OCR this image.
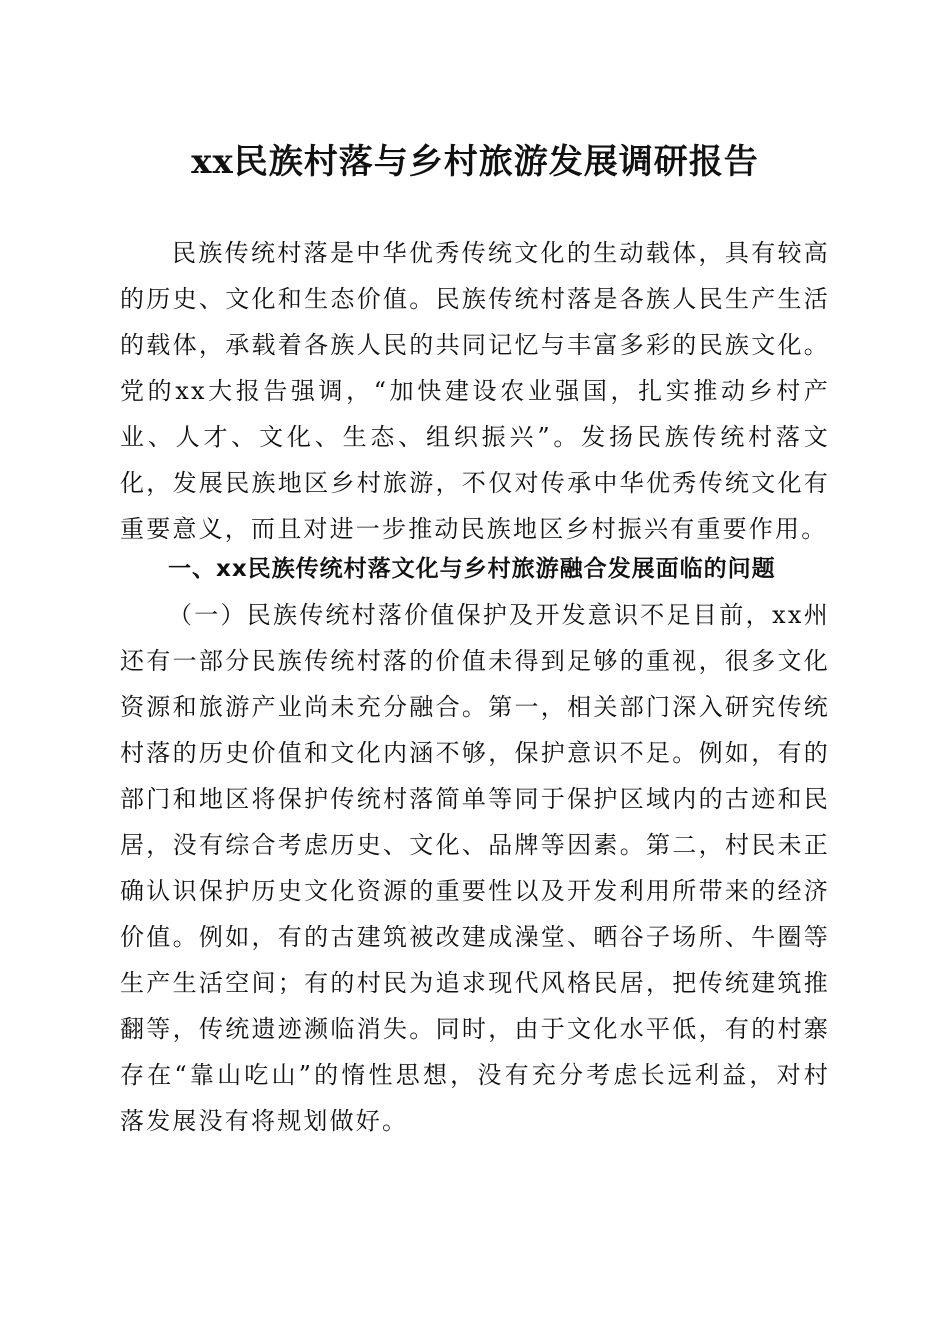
xx民族村落与乡村旅游发展调研报告

民族传统村落是中华优秀传统文化的生动载体，具有较高的历史、文化和生态价值。民族传统村落是各族人民生产生活的载体，承载着各族人民的共同记忆与丰富多彩的民族文化。党的xx大报告强调，“加快建设农业强国，扎实推动乡村产业、人才、文化、生态、组织振兴”。发扬民族传统村落文化，发展民族地区乡村旅游，不仅对传承中华优秀传统文化有重要意义，而且对进一步推动民族地区乡村振兴有重要作用。

一、xx民族传统村落文化与乡村旅游融合发展面临的问题

（一）民族传统村落价值保护及开发意识不足目前，xx州还有一部分民族传统村落的价值未得到足够的重视，很多文化资源和旅游产业尚未充分融合。第一，相关部门深入研究传统村落的历史价值和文化内涵不够，保护意识不足。例如，有的部门和地区将保护传统村落简单等同于保护区域内的古迹和民居，没有综合考虑历史、文化、品牌等因素。第二，村民未正确认识保护历史文化资源的重要性以及开发利用所带来的经济价值。例如，有的古建筑被改建成澡堂、晒谷子场所、牛圈等生产生活空间；有的村民为追求现代风格民居，把传统建筑推翻等，传统遗迹濒临消失。同时，由于文化水平低，有的村寨存在“靠山吃山”的惰性思想，没有充分考虑长远利益，对村落发展没有将规划做好。
